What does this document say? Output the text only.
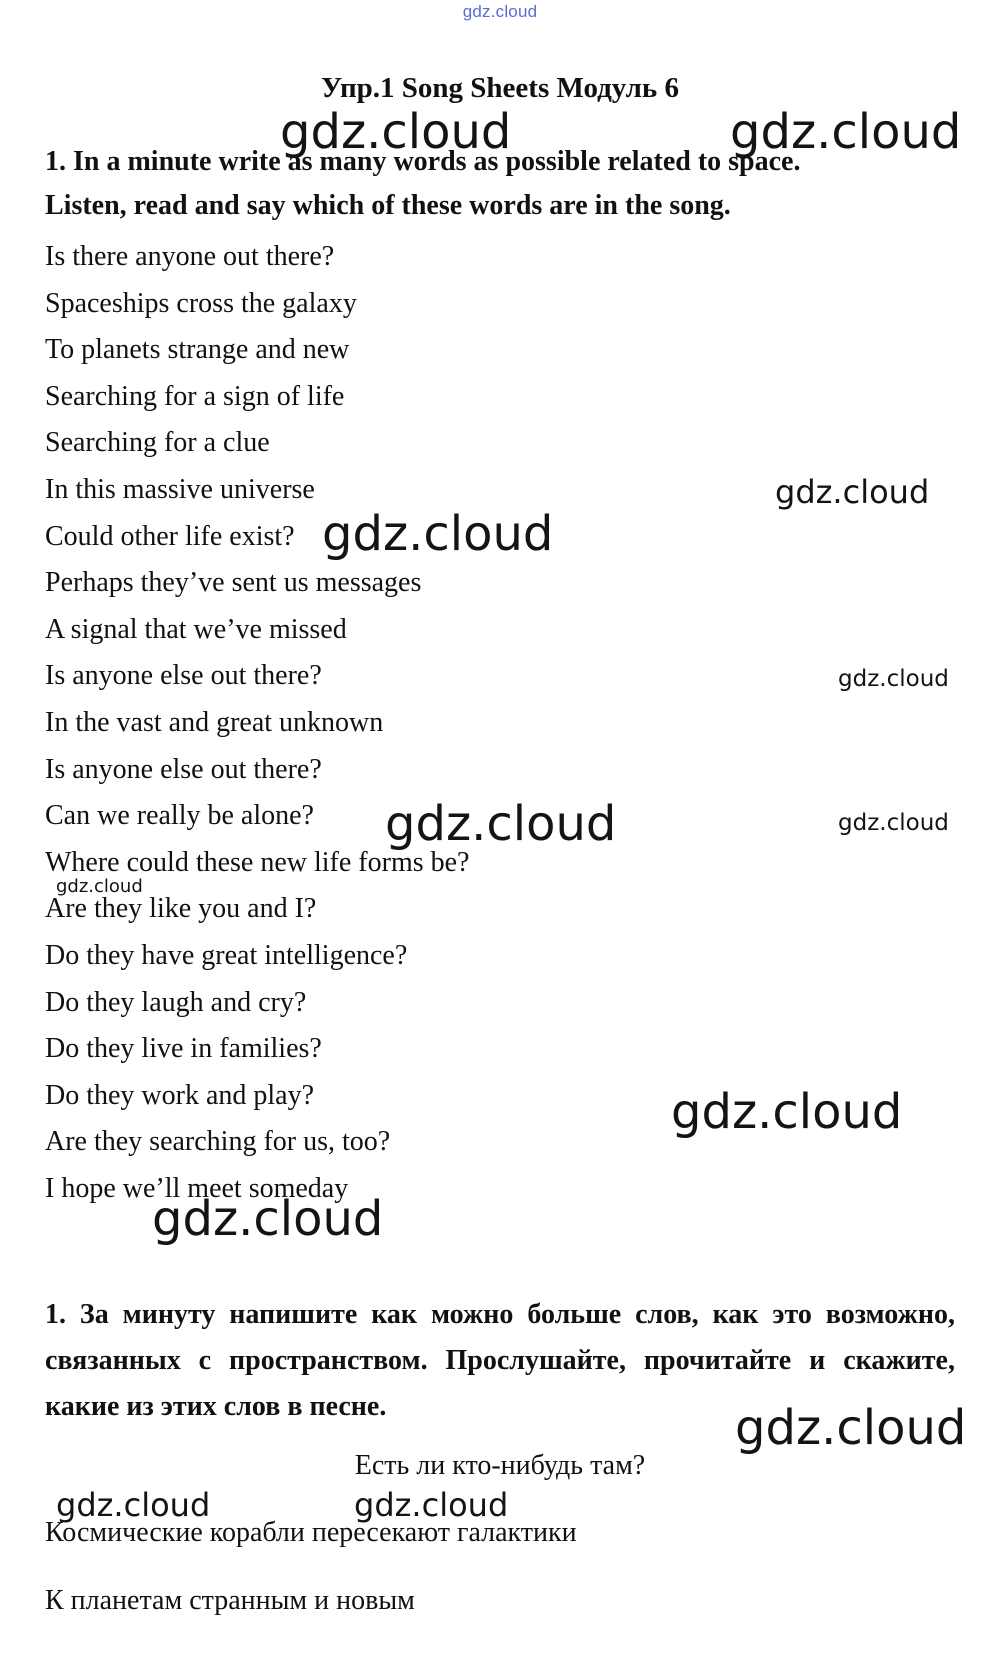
gdz.cloud
Упр.1 Song Sheets Модуль 6
1. In a minute write as many words as possible related to space.
Listen, read and say which of these words are in the song.
Is there anyone out there?
Spaceships cross the galaxy
To planets strange and new
Searching for a sign of life
Searching for a clue
In this massive universe
Could other life exist?
Perhaps they’ve sent us messages
A signal that we’ve missed
Is anyone else out there?
In the vast and great unknown
Is anyone else out there?
Can we really be alone?
Where could these new life forms be?
Are they like you and I?
Do they have great intelligence?
Do they laugh and cry?
Do they live in families?
Do they work and play?
Are they searching for us, too?
I hope we’ll meet someday
1. За минуту напишите как можно больше слов, как это возможно, связанных с пространством. Прослушайте, прочитайте и скажите, какие из этих слов в песне.
Есть ли кто-нибудь там?
Космические корабли пересекают галактики
К планетам странным и новым
gdz.cloud	gdz.cloud
gdz.cloud
gdz.cloud
gdz.cloud
gdz.cloud	gdz.cloud
gdz.cloud
gdz.cloud
gdz.cloud
gdz.cloud
gdz.cloud	gdz.cloud
